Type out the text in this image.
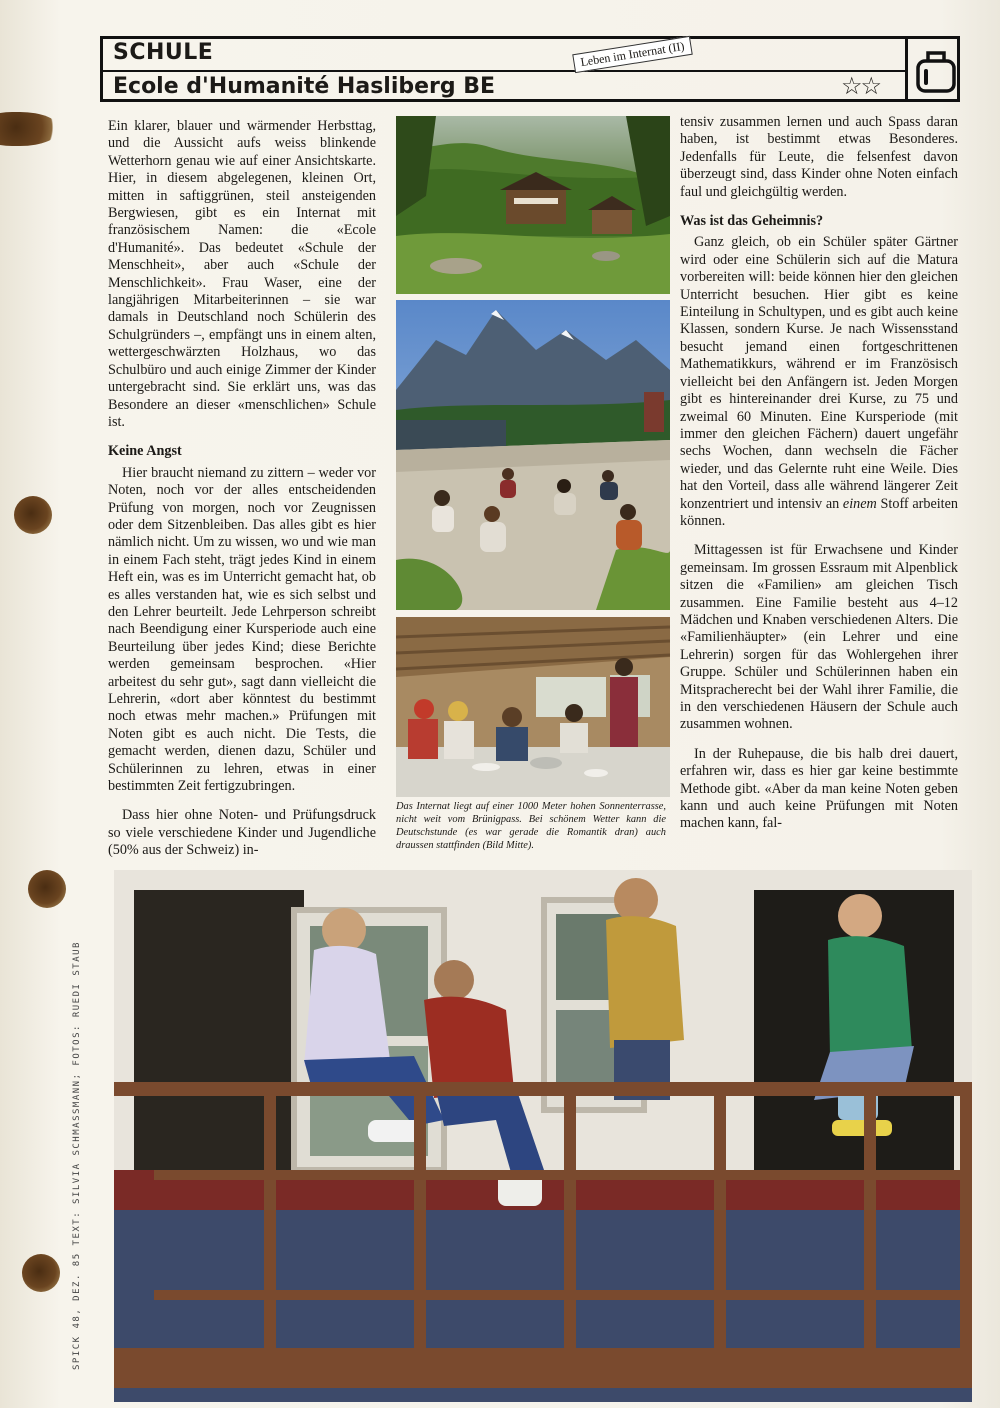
SCHULE
Ecole d'Humanité Hasliberg BE
Leben im Internat (II)
☆☆

Ein klarer, blauer und wärmender Herbsttag, und die Aussicht aufs weiss blinkende Wetterhorn genau wie auf einer Ansichtskarte. Hier, in diesem abgelegenen, kleinen Ort, mitten in saftiggrünen, steil ansteigenden Bergwiesen, gibt es ein Internat mit französischem Namen: die «Ecole d'Humanité». Das bedeutet «Schule der Menschheit», aber auch «Schule der Menschlichkeit». Frau Waser, eine der langjährigen Mitarbeiterinnen – sie war damals in Deutschland noch Schülerin des Schulgründers –, empfängt uns in einem alten, wettergeschwärzten Holzhaus, wo das Schulbüro und auch einige Zimmer der Kinder untergebracht sind. Sie erklärt uns, was das Besondere an dieser «menschlichen» Schule ist.

Keine Angst

Hier braucht niemand zu zittern – weder vor Noten, noch vor der alles entscheidenden Prüfung von morgen, noch vor Zeugnissen oder dem Sitzenbleiben. Das alles gibt es hier nämlich nicht. Um zu wissen, wo und wie man in einem Fach steht, trägt jedes Kind in einem Heft ein, was es im Unterricht gemacht hat, ob es alles verstanden hat, wie es sich selbst und den Lehrer beurteilt. Jede Lehrperson schreibt nach Beendigung einer Kursperiode auch eine Beurteilung über jedes Kind; diese Berichte werden gemeinsam besprochen. «Hier arbeitest du sehr gut», sagt dann vielleicht die Lehrerin, «dort aber könntest du bestimmt noch etwas mehr machen.» Prüfungen mit Noten gibt es auch nicht. Die Tests, die gemacht werden, dienen dazu, Schüler und Schülerinnen zu lehren, etwas in einer bestimmten Zeit fertigzubringen.

Dass hier ohne Noten- und Prüfungsdruck so viele verschiedene Kinder und Jugendliche (50% aus der Schweiz) in-

Das Internat liegt auf einer 1000 Meter hohen Sonnenterrasse, nicht weit vom Brünigpass. Bei schönem Wetter kann die Deutschstunde (es war gerade die Romantik dran) auch draussen stattfinden (Bild Mitte).

tensiv zusammen lernen und auch Spass daran haben, ist bestimmt etwas Besonderes. Jedenfalls für Leute, die felsenfest davon überzeugt sind, dass Kinder ohne Noten einfach faul und gleichgültig werden.

Was ist das Geheimnis?

Ganz gleich, ob ein Schüler später Gärtner wird oder eine Schülerin sich auf die Matura vorbereiten will: beide können hier den gleichen Unterricht besuchen. Hier gibt es keine Einteilung in Schultypen, und es gibt auch keine Klassen, sondern Kurse. Je nach Wissensstand besucht jemand einen fortgeschrittenen Mathematikkurs, während er im Französisch vielleicht bei den Anfängern ist. Jeden Morgen gibt es hintereinander drei Kurse, zu 75 und zweimal 60 Minuten. Eine Kursperiode (mit immer den gleichen Fächern) dauert ungefähr sechs Wochen, dann wechseln die Fächer wieder, und das Gelernte ruht eine Weile. Dies hat den Vorteil, dass alle während längerer Zeit konzentriert und intensiv an einem Stoff arbeiten können.

Mittagessen ist für Erwachsene und Kinder gemeinsam. Im grossen Essraum mit Alpenblick sitzen die «Familien» am gleichen Tisch zusammen. Eine Familie besteht aus 4–12 Mädchen und Knaben verschiedenen Alters. Die «Familienhäupter» (ein Lehrer und eine Lehrerin) sorgen für das Wohlergehen ihrer Gruppe. Schüler und Schülerinnen haben ein Mitspracherecht bei der Wahl ihrer Familie, die in den verschiedenen Häusern der Schule auch zusammen wohnen.

In der Ruhepause, die bis halb drei dauert, erfahren wir, dass es hier gar keine bestimmte Methode gibt. «Aber da man keine Noten geben kann und auch keine Prüfungen mit Noten machen kann, fal-

SPICK 48, DEZ. 85 TEXT: SILVIA SCHMASSMANN; FOTOS: RUEDI STAUB
